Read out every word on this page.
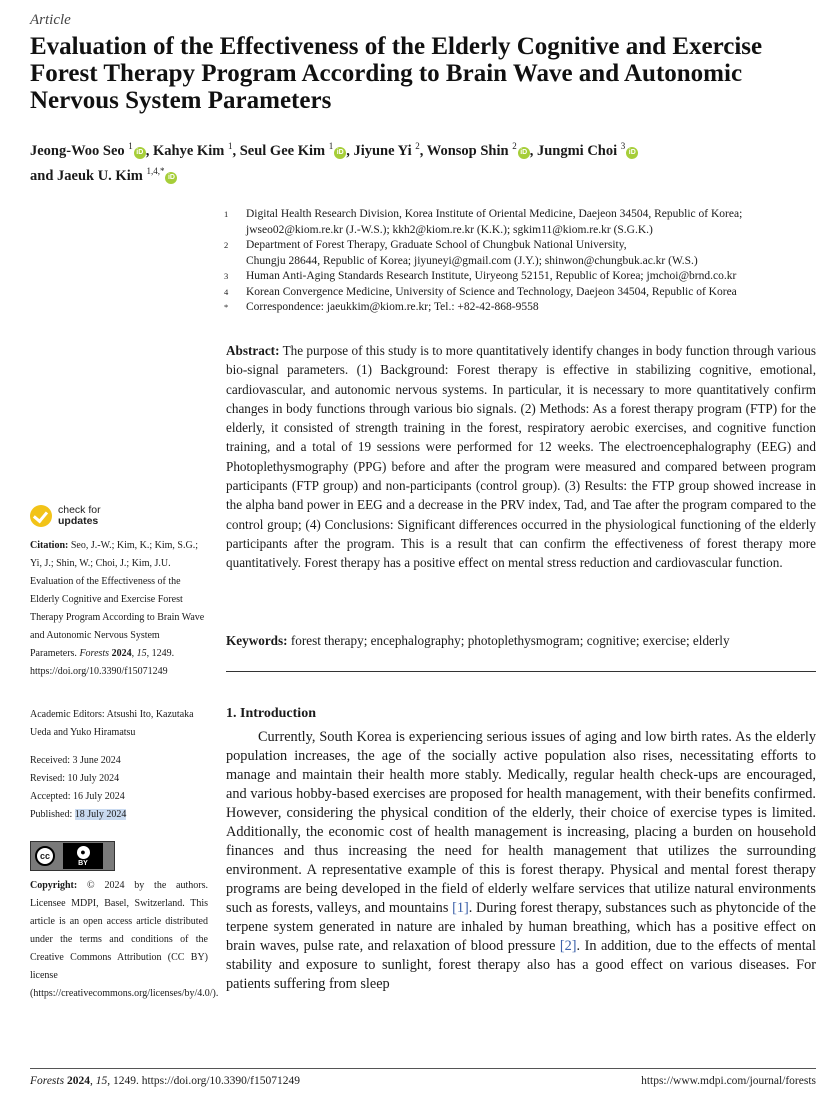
Article
Evaluation of the Effectiveness of the Elderly Cognitive and Exercise Forest Therapy Program According to Brain Wave and Autonomic Nervous System Parameters
Jeong-Woo Seo $^1$iD , Kahye Kim $^1$, Seul Gee Kim $^1$iD , Jiyune Yi $^2$, Wonsop Shin $^2$iD , Jungmi Choi $^3$iD
and Jaeuk U. Kim $^{1,4,*}$iD
1	Digital Health Research Division, Korea Institute of Oriental Medicine, Daejeon 34504, Republic of Korea;
jwseo02@kiom.re.kr (J.-W.S.); kkh2@kiom.re.kr (K.K.); sgkim11@kiom.re.kr (S.G.K.)
2	Department of Forest Therapy, Graduate School of Chungbuk National University,
Chungju 28644, Republic of Korea; jiyuneyi@gmail.com (J.Y.); shinwon@chungbuk.ac.kr (W.S.)
3	Human Anti-Aging Standards Research Institute, Uiryeong 52151, Republic of Korea; jmchoi@brnd.co.kr
4	Korean Convergence Medicine, University of Science and Technology, Daejeon 34504, Republic of Korea
*	Correspondence: jaeukkim@kiom.re.kr; Tel.: +82-42-868-9558
Abstract: The purpose of this study is to more quantitatively identify changes in body function through various bio-signal parameters. (1) Background: Forest therapy is effective in stabilizing cognitive, emotional, cardiovascular, and autonomic nervous systems. In particular, it is necessary to more quantitatively confirm changes in body functions through various bio signals. (2) Methods: As a forest therapy program (FTP) for the elderly, it consisted of strength training in the forest, respiratory aerobic exercises, and cognitive function training, and a total of 19 sessions were performed for 12 weeks. The electroencephalography (EEG) and Photoplethysmography (PPG) before and after the program were measured and compared between program participants (FTP group) and non-participants (control group). (3) Results: the FTP group showed increase in the alpha band power in EEG and a decrease in the PRV index, Tad, and Tae after the program compared to the control group; (4) Conclusions: Significant differences occurred in the physiological functioning of the elderly participants after the program. This is a result that can confirm the effectiveness of forest therapy more quantitatively. Forest therapy has a positive effect on mental stress reduction and cardiovascular function.
Keywords: forest therapy; encephalography; photoplethysmogram; cognitive; exercise; elderly
1. Introduction
Currently, South Korea is experiencing serious issues of aging and low birth rates. As the elderly population increases, the age of the socially active population also rises, necessitating efforts to manage and maintain their health more stably. Medically, regular health check-ups are encouraged, and various hobby-based exercises are proposed for health management, with their benefits confirmed. However, considering the physical condition of the elderly, their choice of exercise types is limited. Additionally, the economic cost of health management is increasing, placing a burden on household finances and thus increasing the need for health management that utilizes the surrounding environment. A representative example of this is forest therapy. Physical and mental forest therapy programs are being developed in the field of elderly welfare services that utilize natural environments such as forests, valleys, and mountains [1]. During forest therapy, substances such as phytoncide of the terpene system generated in nature are inhaled by human breathing, which has a positive effect on brain waves, pulse rate, and relaxation of blood pressure [2]. In addition, due to the effects of mental stability and exposure to sunlight, forest therapy also has a good effect on various diseases. For patients suffering from sleep
check for
updates
Citation: Seo, J.-W.; Kim, K.; Kim, S.G.; Yi, J.; Shin, W.; Choi, J.; Kim, J.U. Evaluation of the Effectiveness of the Elderly Cognitive and Exercise Forest Therapy Program According to Brain Wave and Autonomic Nervous System Parameters. Forests 2024, 15, 1249. https://doi.org/10.3390/f15071249
Academic Editors: Atsushi Ito, Kazutaka Ueda and Yuko Hiramatsu
Received: 3 June 2024
Revised: 10 July 2024
Accepted: 16 July 2024
Published: 18 July 2024
cc	●
BY
Copyright: © 2024 by the authors. Licensee MDPI, Basel, Switzerland. This article is an open access article distributed under the terms and conditions of the Creative Commons Attribution (CC BY) license (https://creativecommons.org/licenses/by/4.0/).
Forests 2024, 15, 1249. https://doi.org/10.3390/f15071249	https://www.mdpi.com/journal/forests
